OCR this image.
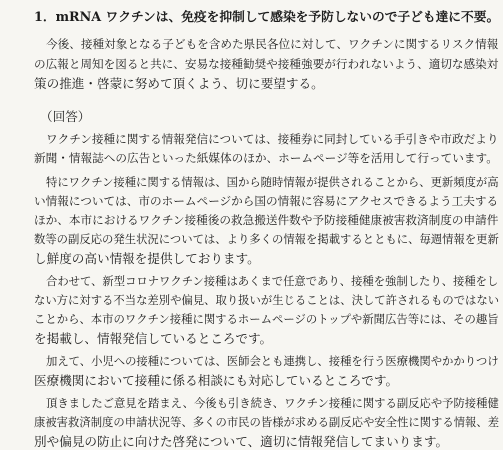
1．mRNA ワクチンは、免疫を抑制して感染を予防しないので子ども達に不要。
今後、接種対象となる子どもを含めた県民各位に対して、ワクチンに関するリスク情報
の広報と周知を図ると共に、安易な接種勧奨や接種強要が行われないよう、適切な感染対
策の推進・啓蒙に努めて頂くよう、切に要望する。
（回答）
ワクチン接種に関する情報発信については、接種券に同封している手引きや市政だより
新聞・情報誌への広告といった紙媒体のほか、ホームページ等を活用して行っています。
特にワクチン接種に関する情報は、国から随時情報が提供されることから、更新頻度が高
い情報については、市のホームページから国の情報に容易にアクセスできるよう工夫する
ほか、本市におけるワクチン接種後の救急搬送件数や予防接種健康被害救済制度の申請件
数等の副反応の発生状況については、より多くの情報を掲載するとともに、毎週情報を更新
し鮮度の高い情報を提供しております。
合わせて、新型コロナワクチン接種はあくまで任意であり、接種を強制したり、接種をし
ない方に対する不当な差別や偏見、取り扱いが生じることは、決して許されるものではない
ことから、本市のワクチン接種に関するホームページのトップや新聞広告等には、その趣旨
を掲載し、情報発信しているところです。
加えて、小児への接種については、医師会とも連携し、接種を行う医療機関やかかりつけ
医療機関において接種に係る相談にも対応しているところです。
頂きましたご意見を踏まえ、今後も引き続き、ワクチン接種に関する副反応や予防接種健
康被害救済制度の申請状況等、多くの市民の皆様が求める副反応や安全性に関する情報、差
別や偏見の防止に向けた啓発について、適切に情報発信してまいります。
